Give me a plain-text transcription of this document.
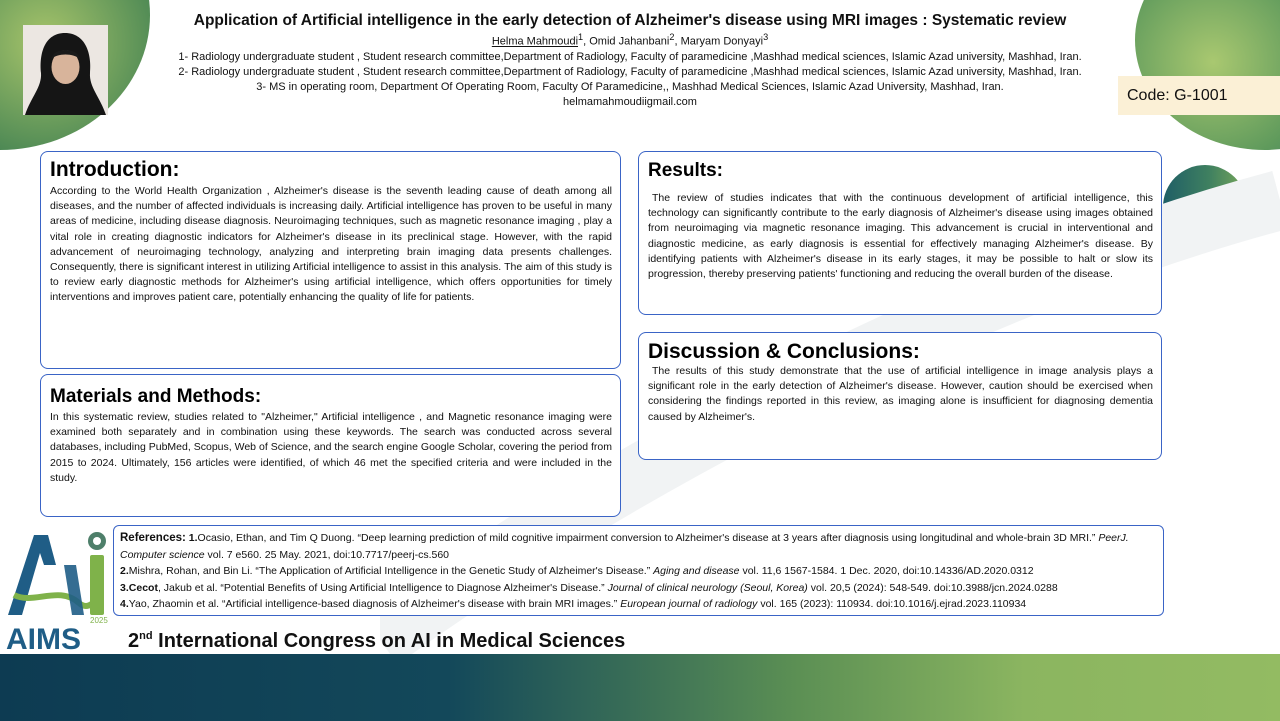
Application of Artificial intelligence in the early detection of Alzheimer's disease using MRI images : Systematic review
Helma Mahmoudi$^1$, Omid Jahanbani$^2$, Maryam Donyayi$^3$
1- Radiology undergraduate student , Student research committee,Department of Radiology, Faculty of paramedicine ,Mashhad medical sciences, Islamic Azad university, Mashhad, Iran.
2- Radiology undergraduate student , Student research committee,Department of Radiology, Faculty of paramedicine ,Mashhad medical sciences, Islamic Azad university, Mashhad, Iran.
3- MS in operating room, Department Of Operating Room, Faculty Of Paramedicine,, Mashhad Medical Sciences, Islamic Azad University, Mashhad, Iran.
helmamahmoudiigmail.com	Code: G-1001
Introduction:

According to the World Health Organization , Alzheimer's disease is the seventh leading cause of death among all diseases, and the number of affected individuals is increasing daily. Artificial intelligence has proven to be useful in many areas of medicine, including disease diagnosis. Neuroimaging techniques, such as magnetic resonance imaging , play a vital role in creating diagnostic indicators for Alzheimer's disease in its preclinical stage. However, with the rapid advancement of neuroimaging technology, analyzing and interpreting brain imaging data presents challenges. Consequently, there is significant interest in utilizing Artificial intelligence to assist in this analysis. The aim of this study is to review early diagnostic methods for Alzheimer's using artificial intelligence, which offers opportunities for timely interventions and improves patient care, potentially enhancing the quality of life for patients.

Materials and Methods:

In this systematic review, studies related to "Alzheimer," Artificial intelligence , and Magnetic resonance imaging were examined both separately and in combination using these keywords. The search was conducted across several databases, including PubMed, Scopus, Web of Science, and the search engine Google Scholar, covering the period from 2015 to 2024. Ultimately, 156 articles were identified, of which 46 met the specified criteria and were included in the study.

Results:

The review of studies indicates that with the continuous development of artificial intelligence, this technology can significantly contribute to the early diagnosis of Alzheimer's disease using images obtained from neuroimaging via magnetic resonance imaging. This advancement is crucial in interventional and diagnostic medicine, as early diagnosis is essential for effectively managing Alzheimer's disease. By identifying patients with Alzheimer's disease in its early stages, it may be possible to halt or slow its progression, thereby preserving patients' functioning and reducing the overall burden of the disease.

Discussion & Conclusions:

The results of this study demonstrate that the use of artificial intelligence in image analysis plays a significant role in the early detection of Alzheimer's disease. However, caution should be exercised when considering the findings reported in this review, as imaging alone is insufficient for diagnosing dementia caused by Alzheimer's.

References: 1.Ocasio, Ethan, and Tim Q Duong. “Deep learning prediction of mild cognitive impairment conversion to Alzheimer's disease at 3 years after diagnosis using longitudinal and whole-brain 3D MRI.” PeerJ. Computer science vol. 7 e560. 25 May. 2021, doi:10.7717/peerj-cs.560
2.Mishra, Rohan, and Bin Li. “The Application of Artificial Intelligence in the Genetic Study of Alzheimer's Disease.” Aging and disease vol. 11,6 1567-1584. 1 Dec. 2020, doi:10.14336/AD.2020.0312
3.Cecot, Jakub et al. “Potential Benefits of Using Artificial Intelligence to Diagnose Alzheimer's Disease.” Journal of clinical neurology (Seoul, Korea) vol. 20,5 (2024): 548-549. doi:10.3988/jcn.2024.0288
4.Yao, Zhaomin et al. “Artificial intelligence-based diagnosis of Alzheimer's disease with brain MRI images.” European journal of radiology vol. 165 (2023): 110934. doi:10.1016/j.ejrad.2023.110934
2025
AIMS 2nd International Congress on AI in Medical Sciences
